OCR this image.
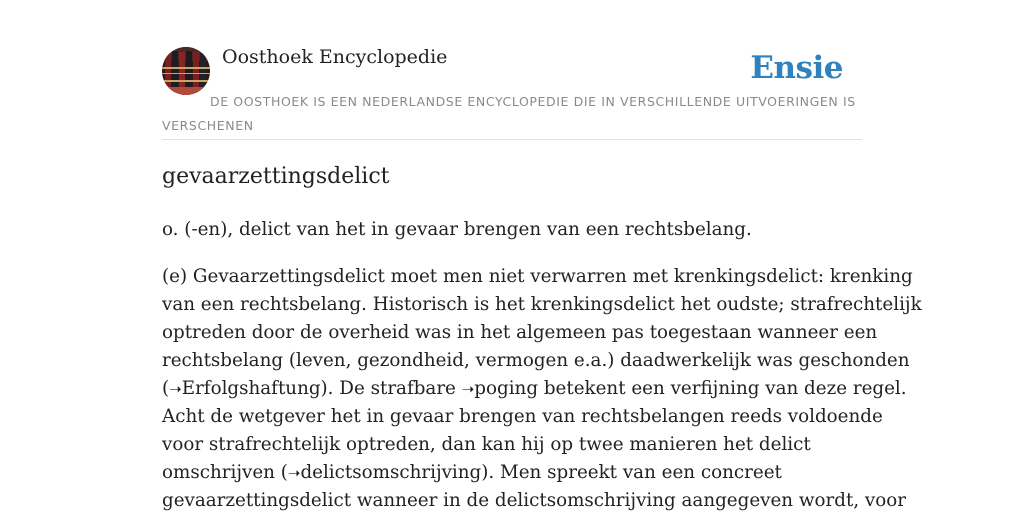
Oosthoek Encyclopedie	Ensie

DE OOSTHOEK IS EEN NEDERLANDSE ENCYCLOPEDIE DIE IN VERSCHILLENDE UITVOERINGEN IS VERSCHENEN

gevaarzettingsdelict

o. (-en), delict van het in gevaar brengen van een rechtsbelang.

(e) Gevaarzettingsdelict moet men niet verwarren met krenkingsdelict: krenking
van een rechtsbelang. Historisch is het krenkingsdelict het oudste; strafrechtelijk
optreden door de overheid was in het algemeen pas toegestaan wanneer een
rechtsbelang (leven, gezondheid, vermogen e.a.) daadwerkelijk was geschonden
(➝Erfolgshaftung). De strafbare ➝poging betekent een verfijning van deze regel.
Acht de wetgever het in gevaar brengen van rechtsbelangen reeds voldoende
voor strafrechtelijk optreden, dan kan hij op twee manieren het delict
omschrijven (➝delictsomschrijving). Men spreekt van een concreet
gevaarzettingsdelict wanneer in de delictsomschrijving aangegeven wordt, voor
